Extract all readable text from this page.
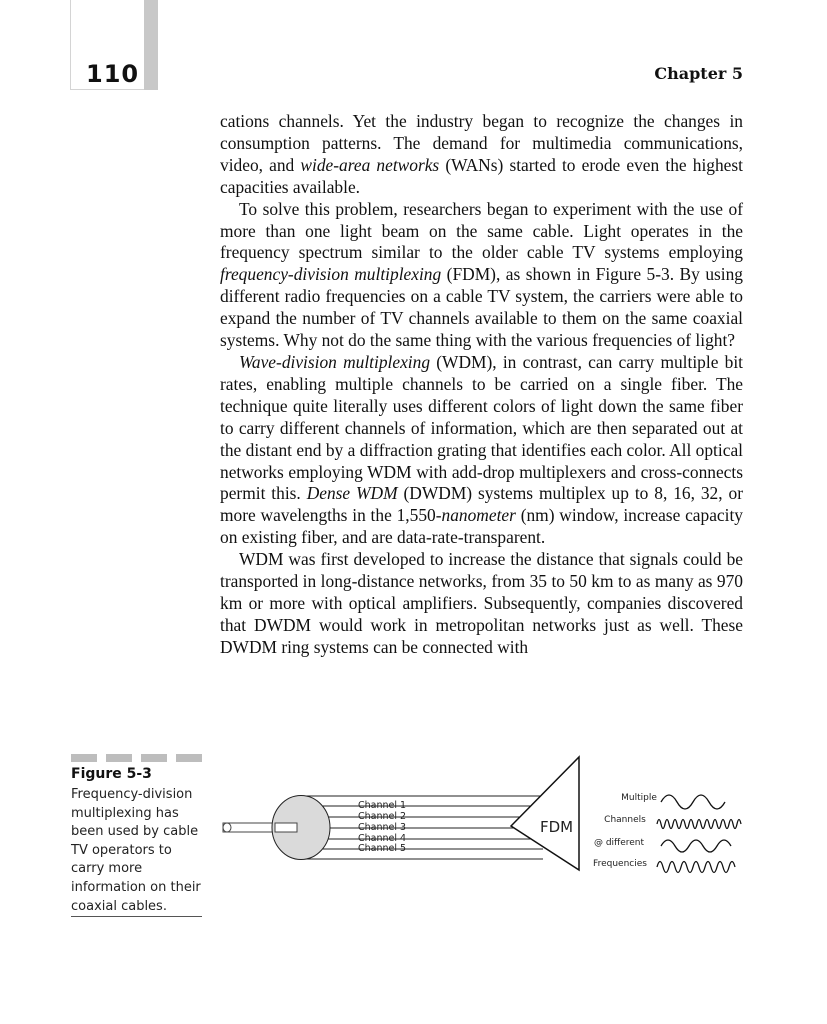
110	Chapter 5

cations channels. Yet the industry began to recognize the changes in consumption patterns. The demand for multimedia communications, video, and wide-area networks (WANs) started to erode even the highest capacities available.

To solve this problem, researchers began to experiment with the use of more than one light beam on the same cable. Light operates in the frequency spectrum similar to the older cable TV systems employing frequency-division multiplexing (FDM), as shown in Figure 5-3. By using different radio frequencies on a cable TV system, the carriers were able to expand the number of TV channels available to them on the same coaxial systems. Why not do the same thing with the various frequencies of light?

Wave-division multiplexing (WDM), in contrast, can carry multiple bit rates, enabling multiple channels to be carried on a single fiber. The technique quite literally uses different colors of light down the same fiber to carry different channels of information, which are then separated out at the distant end by a diffraction grating that identifies each color. All optical networks employing WDM with add-drop multiplexers and cross-connects permit this. Dense WDM (DWDM) systems multiplex up to 8, 16, 32, or more wavelengths in the 1,550-nanometer (nm) window, increase capacity on existing fiber, and are data-rate-transparent.

WDM was first developed to increase the distance that signals could be transported in long-distance networks, from 35 to 50 km to as many as 970 km or more with optical amplifiers. Subsequently, companies discovered that DWDM would work in metropolitan networks just as well. These DWDM ring systems can be connected with

Figure 5-3
Frequency-division multiplexing has been used by cable TV operators to carry more information on their coaxial cables.
Channel 1
Channel 2
Channel 3
Channel 4
Channel 5
FDM
Multiple
Channels
@ different
Frequencies
